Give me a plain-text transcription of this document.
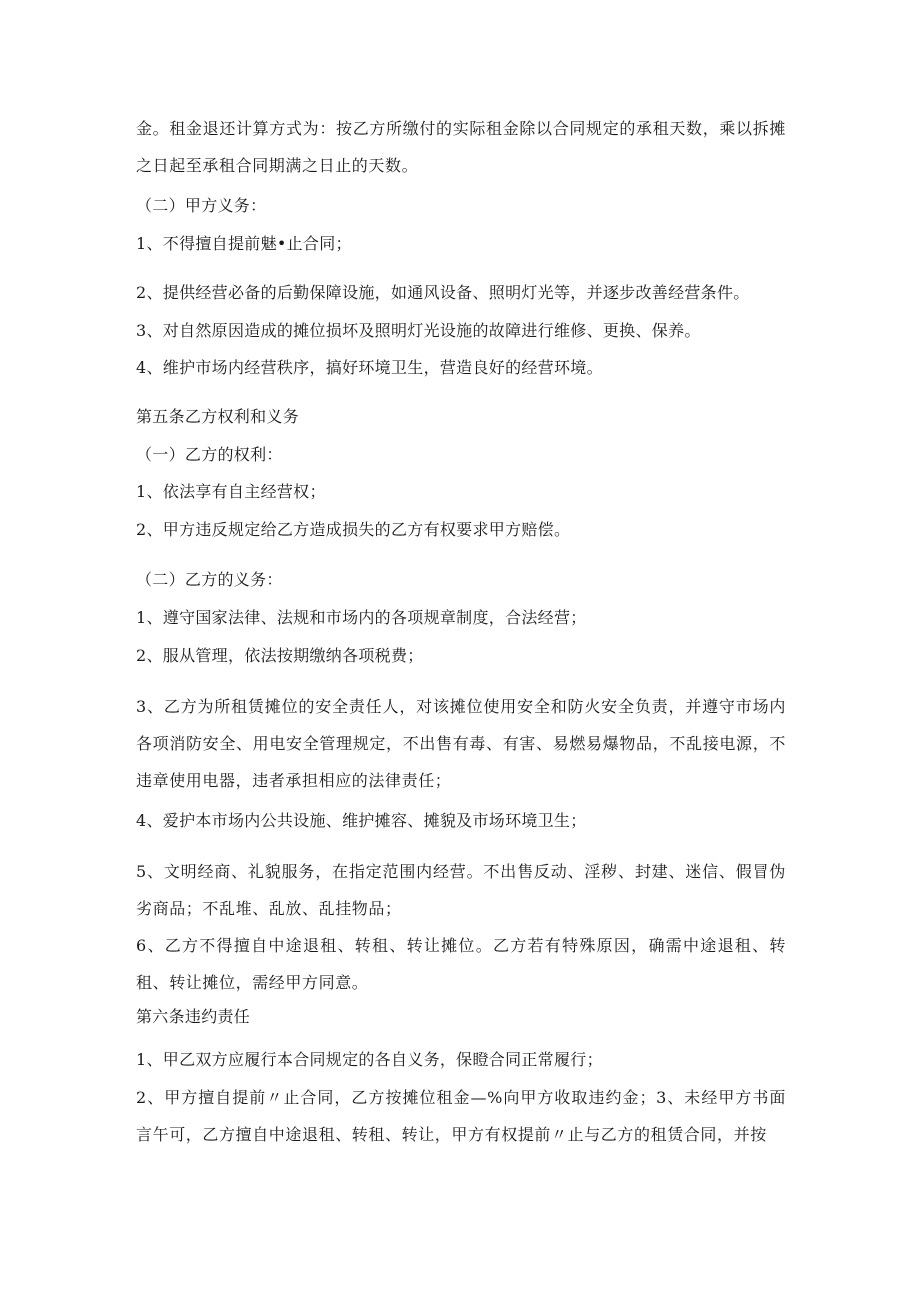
金。租金退还计算方式为：按乙方所缴付的实际租金除以合同规定的承租天数，乘以拆摊之日起至承租合同期满之日止的天数。
（二）甲方义务：
1、不得擅自提前魅•止合同；
2、提供经营必备的后勤保障设施，如通风设备、照明灯光等，并逐步改善经营条件。
3、对自然原因造成的摊位损坏及照明灯光设施的故障进行维修、更换、保养。
4、维护市场内经营秩序，搞好环境卫生，营造良好的经营环境。
第五条乙方权利和义务
（一）乙方的权利：
1、依法享有自主经营权；
2、甲方违反规定给乙方造成损失的乙方有权要求甲方赔偿。
（二）乙方的义务：
1、遵守国家法律、法规和市场内的各项规章制度，合法经营；
2、服从管理，依法按期缴纳各项税费；
3、乙方为所租赁摊位的安全责任人，对该摊位使用安全和防火安全负责，并遵守市场内各项消防安全、用电安全管理规定，不出售有毒、有害、易燃易爆物品，不乱接电源，不违章使用电器，违者承担相应的法律责任；
4、爱护本市场内公共设施、维护摊容、摊貌及市场环境卫生；
5、文明经商、礼貌服务，在指定范围内经营。不出售反动、淫秽、封建、迷信、假冒伪劣商品；不乱堆、乱放、乱挂物品；
6、乙方不得擅自中途退租、转租、转让摊位。乙方若有特殊原因，确需中途退租、转租、转让摊位，需经甲方同意。
第六条违约责任
1、甲乙双方应履行本合同规定的各自义务，保瞪合同正常履行；
2、甲方擅自提前〃止合同，乙方按摊位租金—%向甲方收取违约金；3、未经甲方书面言午可，乙方擅自中途退租、转租、转让，甲方有权提前〃止与乙方的租赁合同，并按
